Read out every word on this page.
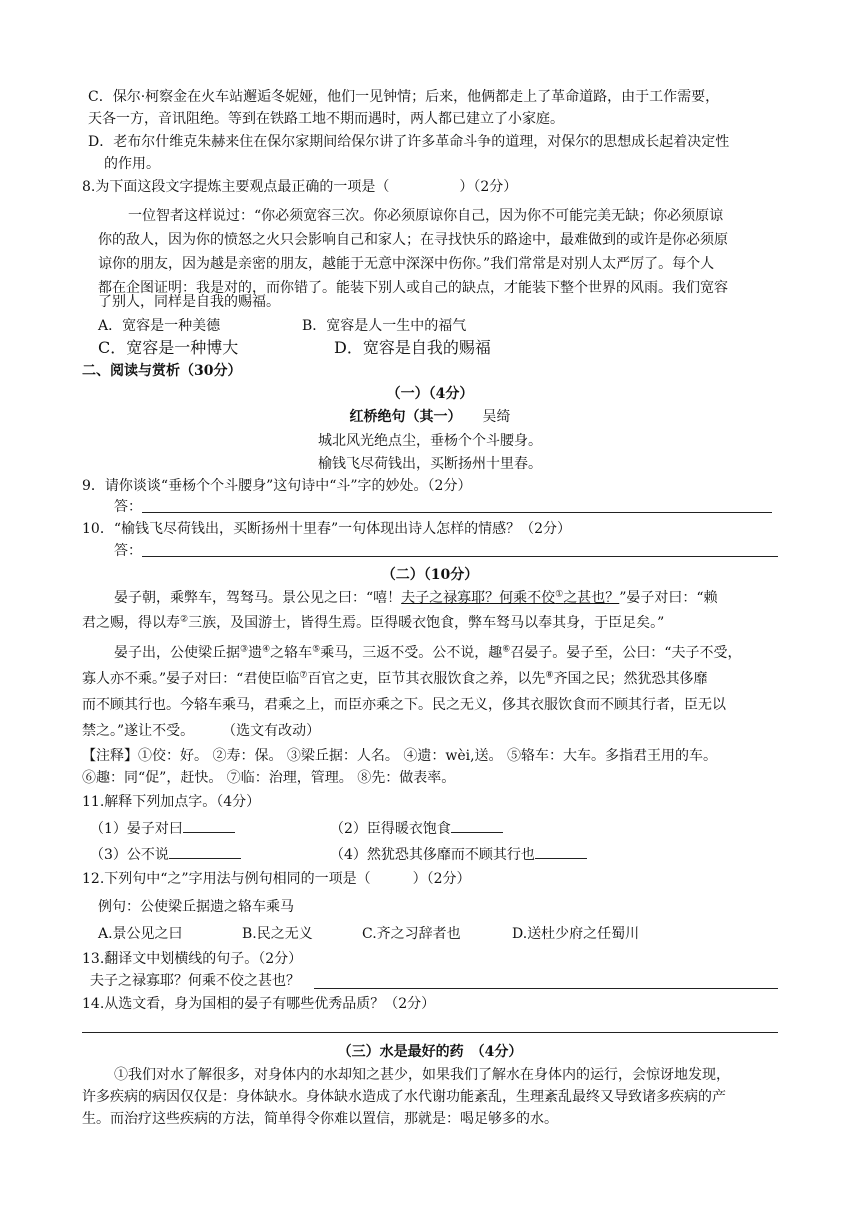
C．保尔·柯察金在火车站邂逅冬妮娅，他们一见钟情；后来，他俩都走上了革命道路，由于工作需要，
天各一方，音讯阻绝。等到在铁路工地不期而遇时，两人都已建立了小家庭。
D．老布尔什维克朱赫来住在保尔家期间给保尔讲了许多革命斗争的道理，对保尔的思想成长起着决定性
的作用。
8.为下面这段文字提炼主要观点最正确的一项是（　　　　　）（2分）
一位智者这样说过：“你必须宽容三次。你必须原谅你自己，因为你不可能完美无缺；你必须原谅
你的敌人，因为你的愤怒之火只会影响自己和家人；在寻找快乐的路途中，最难做到的或许是你必须原
谅你的朋友，因为越是亲密的朋友，越能于无意中深深中伤你。”我们常常是对别人太严厉了。每个人
都在企图证明：我是对的，而你错了。能装下别人或自己的缺点，才能装下整个世界的风雨。我们宽容
了别人，同样是自我的赐福。
A．宽容是一种美德	B．宽容是人一生中的福气
C．宽容是一种博大	D．宽容是自我的赐福
二、阅读与赏析（30分）
（一）（4分）
红桥绝句（其一）　　 吴绮
城北风光绝点尘，垂杨个个斗腰身。
榆钱飞尽荷钱出，买断扬州十里春。
9．请你谈谈“垂杨个个斗腰身”这句诗中“斗”字的妙处。（2分）
答：
10．“榆钱飞尽荷钱出，买断扬州十里春”一句体现出诗人怎样的情感？（2分）
答：
（二）（10分）
晏子朝，乘弊车，驾驽马。景公见之曰：“嘻！夫子之禄寡耶？何乘不佼①之甚也？”晏子对曰：“赖
君之赐，得以寿②三族，及国游士，皆得生焉。臣得暖衣饱食，弊车驽马以奉其身，于臣足矣。”
晏子出，公使梁丘据③遗④之辂车⑤乘马，三返不受。公不说，趣⑥召晏子。晏子至，公曰：“夫子不受，
寡人亦不乘。”晏子对曰：“君使臣临⑦百官之吏，臣节其衣服饮食之养，以先⑧齐国之民；然犹恐其侈靡
而不顾其行也。今辂车乘马，君乘之上，而臣亦乘之下。民之无义，侈其衣服饮食而不顾其行者，臣无以
禁之。”遂让不受。　　　（选文有改动）
【注释】①佼：好。 ②寿：保。 ③梁丘据：人名。 ④遗：wèi,送。 ⑤辂车：大车。多指君王用的车。
⑥趣：同“促”，赶快。 ⑦临：治理，管理。 ⑧先：做表率。
11.解释下列加点字。（4分）
（1）晏子对曰	（2）臣得暖衣饱食
（3）公不说	（4）然犹恐其侈靡而不顾其行也
12.下列句中“之”字用法与例句相同的一项是（　　　）（2分）
例句：公使梁丘据遗之辂车乘马
A.景公见之曰	B.民之无义	C.齐之习辞者也	D.送杜少府之任蜀川
13.翻译文中划横线的句子。（2分）
夫子之禄寡耶？何乘不佼之甚也？
14.从选文看，身为国相的晏子有哪些优秀品质？（2分）
（三）水是最好的药　（4分）
①我们对水了解很多，对身体内的水却知之甚少，如果我们了解水在身体内的运行，会惊讶地发现，
许多疾病的病因仅仅是：身体缺水。身体缺水造成了水代谢功能紊乱，生理紊乱最终又导致诸多疾病的产
生。而治疗这些疾病的方法，简单得令你难以置信，那就是：喝足够多的水。
